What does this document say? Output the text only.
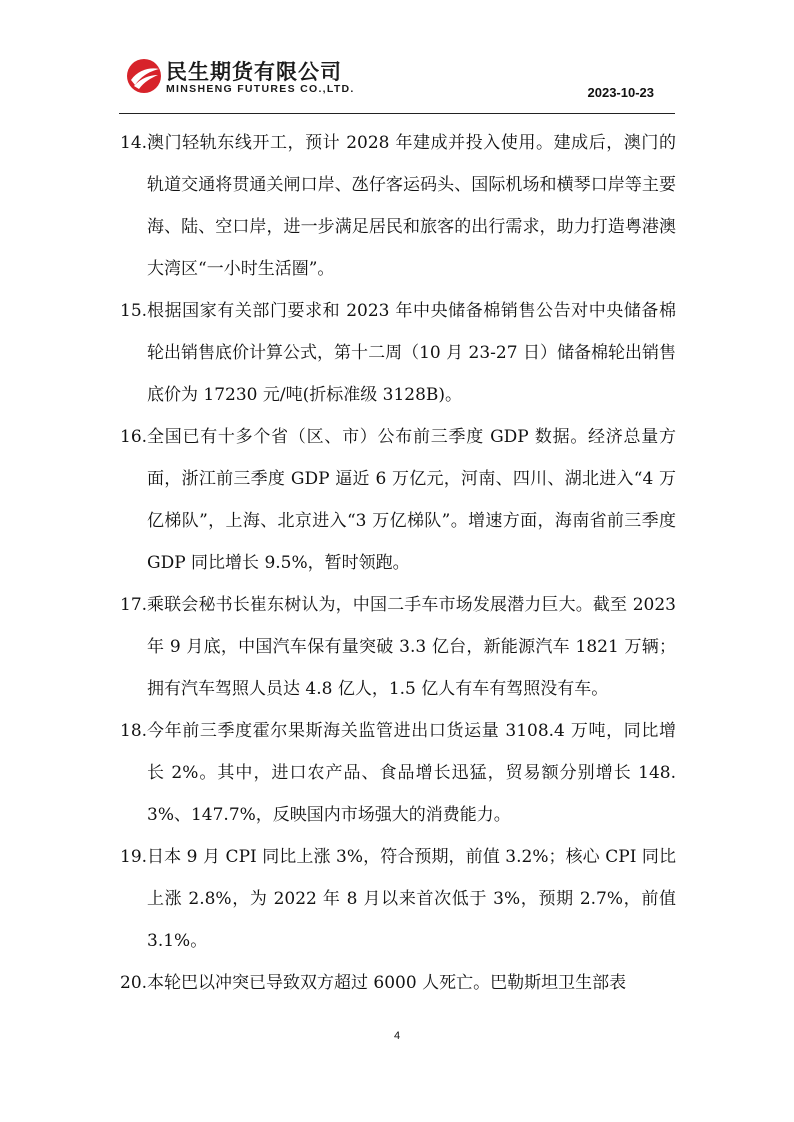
民生期货有限公司
MINSHENG FUTURES CO.,LTD.	2023-10-23

14. 澳门轻轨东线开工，预计 2028 年建成并投入使用。建成后，澳门的轨道交通将贯通关闸口岸、氹仔客运码头、国际机场和横琴口岸等主要海、陆、空口岸，进一步满足居民和旅客的出行需求，助力打造粤港澳大湾区“一小时生活圈”。

15. 根据国家有关部门要求和 2023 年中央储备棉销售公告对中央储备棉轮出销售底价计算公式，第十二周（10 月 23-27 日）储备棉轮出销售底价为 17230 元/吨(折标准级 3128B)。

16. 全国已有十多个省（区、市）公布前三季度 GDP 数据。经济总量方面，浙江前三季度 GDP 逼近 6 万亿元，河南、四川、湖北进入“4 万亿梯队”，上海、北京进入“3 万亿梯队”。增速方面，海南省前三季度 GDP 同比增长 9.5%，暂时领跑。

17. 乘联会秘书长崔东树认为，中国二手车市场发展潜力巨大。截至 2023 年 9 月底，中国汽车保有量突破 3.3 亿台，新能源汽车 1821 万辆；拥有汽车驾照人员达 4.8 亿人，1.5 亿人有车有驾照没有车。

18. 今年前三季度霍尔果斯海关监管进出口货运量 3108.4 万吨，同比增长 2%。其中，进口农产品、食品增长迅猛，贸易额分别增长 148.3%、147.7%，反映国内市场强大的消费能力。

19. 日本 9 月 CPI 同比上涨 3%，符合预期，前值 3.2%；核心 CPI 同比上涨 2.8%，为 2022 年 8 月以来首次低于 3%，预期 2.7%，前值 3.1%。

20. 本轮巴以冲突已导致双方超过 6000 人死亡。巴勒斯坦卫生部表

4
